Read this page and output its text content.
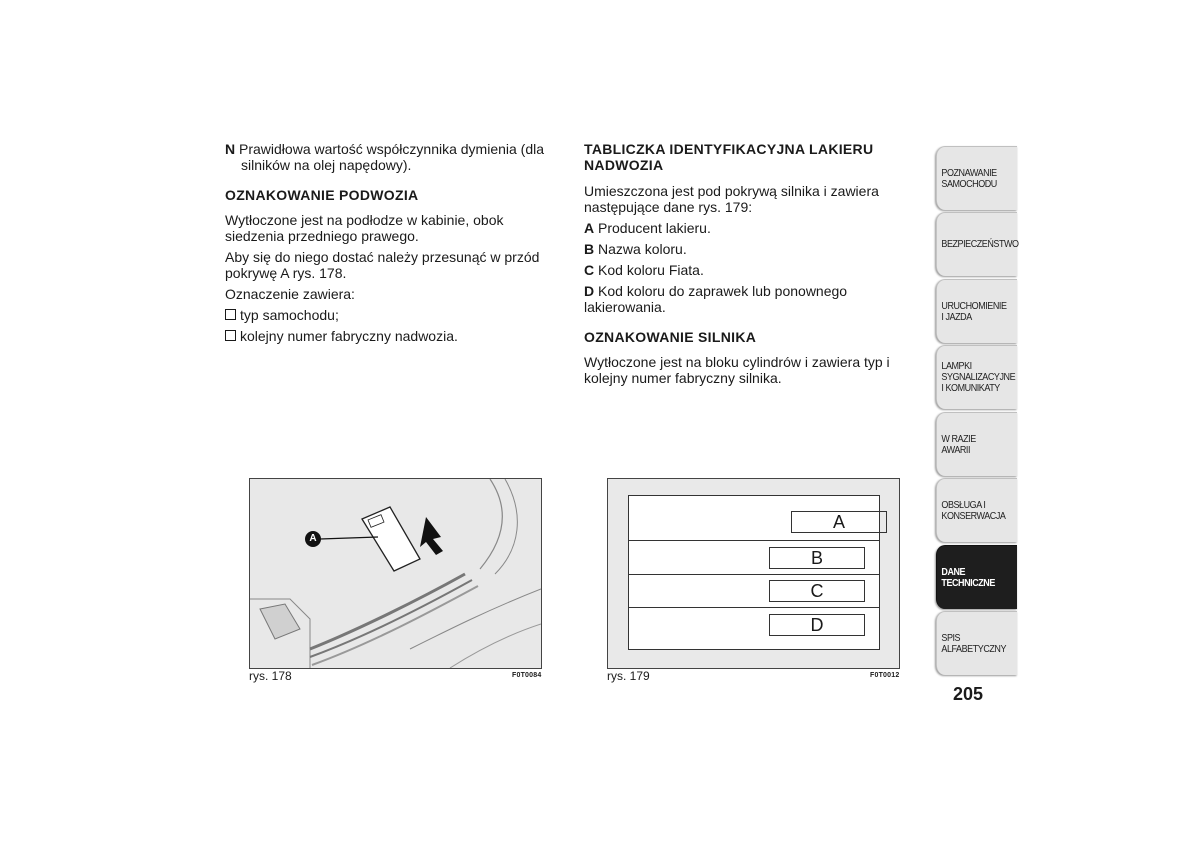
N Prawidłowa wartość współczynnika dymienia (dla silników na olej napędowy).

OZNAKOWANIE PODWOZIA

Wytłoczone jest na podłodze w kabinie, obok siedzenia przedniego prawego.

Aby się do niego dostać należy przesunąć w przód pokrywę A rys. 178.

Oznaczenie zawiera:

typ samochodu;

kolejny numer fabryczny nadwozia.

TABLICZKA IDENTYFIKACYJNA LAKIERU NADWOZIA

Umieszczona jest pod pokrywą silnika i zawiera następujące dane rys. 179:

A Producent lakieru.

B Nazwa koloru.

C Kod koloru Fiata.

D Kod koloru do zaprawek lub ponownego lakierowania.

OZNAKOWANIE SILNIKA

Wytłoczone jest na bloku cylindrów i zawiera typ i kolejny numer fabryczny silnika.

A
rys. 178	F0T0084
A
B
C
D
rys. 179	F0T0012
POZNAWANIE SAMOCHODU
BEZPIECZEŃSTWO
URUCHOMIENIE I JAZDA
LAMPKI SYGNALIZACYJNE I KOMUNIKATY
W RAZIE AWARII
OBSŁUGA I KONSERWACJA
DANE TECHNICZNE
SPIS ALFABETYCZNY
205
